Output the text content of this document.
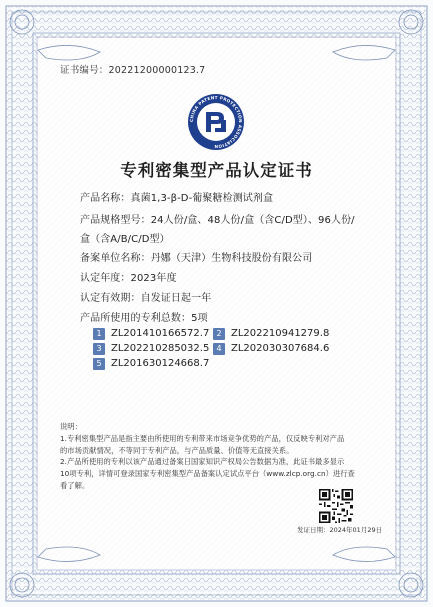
证书编号：20221200000123.7
CHINA PATENT PROTECTION ASSOCIATION
专利密集型产品认定证书
产品名称：真菌1,3-β-D-葡聚糖检测试剂盒
产品规格型号：24人份/盒、48人份/盒（含C/D型）、96人份/
盒（含A/B/C/D型）
备案单位名称：丹娜（天津）生物科技股份有限公司
认定年度：2023年度
认定有效期：自发证日起一年
产品所使用的专利总数：5项
1 ZL201410166572.7 2 ZL202210941279.8
3 ZL202210285032.5 4 ZL202030307684.6
5 ZL201630124668.7
说明：
1.专利密集型产品是指主要由所使用的专利带来市场竞争优势的产品，仅反映专利对产品
的市场贡献情况，不等同于专利产品，与产品质量、价值等无直接关系。
2.产品所使用的专利以该产品通过备案日国家知识产权局公告数据为准，此证书最多显示
10项专利，详情可登录国家专利密集型产品备案认定试点平台（www.zlcp.org.cn）进行查
看了解。
发证日期：2024年01月29日
